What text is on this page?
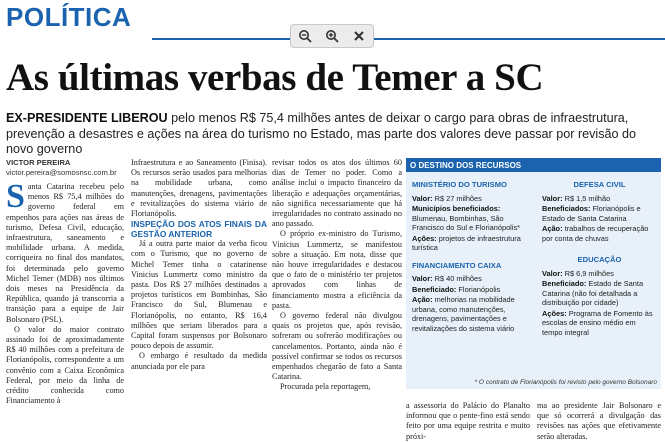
POLÍTICA
As últimas verbas de Temer a SC
EX-PRESIDENTE LIBEROU pelo menos R$ 75,4 milhões antes de deixar o cargo para obras de infraestrutura, prevenção a desastres e ações na área do turismo no Estado, mas parte dos valores deve passar por revisão do novo governo
VICTOR PEREIRA
victor.pereira@somosnsc.com.br

Santa Catarina recebeu pelo menos R$ 75,4 milhões do governo federal em empenhos para ações nas áreas de turismo, Defesa Civil, educação, infraestrutura, saneamento e mobilidade urbana. A medida, corriqueira no final dos mandatos, foi determinada pelo governo Michel Temer (MDB) nos últimos dois meses na Presidência da República, quando já transcorria a transição para a equipe de Jair Bolsonaro (PSL).

O valor do maior contrato assinado foi de aproximadamente R$ 40 milhões com a prefeitura de Florianópolis, correspondente a um convênio com a Caixa Econômica Federal, por meio da linha de crédito conhecida como Financiamento à

Infraestrutura e ao Saneamento (Finisa). Os recursos serão usados para melhorias na mobilidade urbana, como manutenções, drenagens, pavimentações e revitalizações do sistema viário de Florianópolis.

INSPEÇÃO DOS ATOS FINAIS DA GESTÃO ANTERIOR

Já a outra parte maior da verba ficou com o Turismo, que no governo de Michel Temer tinha o catarinense Vinicius Lummertz como ministro da pasta. Dos R$ 27 milhões destinados a projetos turísticos em Bombinhas, São Francisco do Sul, Blumenau e Florianópolis, no entanto, R$ 16,4 milhões que seriam liberados para a Capital foram suspensos por Bolsonaro pouco depois de assumir.

O embargo é resultado da medida anunciada por ele para

revisar todos os atos dos últimos 60 dias de Temer no poder. Como a análise inclui o impacto financeiro da liberação e adequações orçamentárias, não significa necessariamente que há irregularidades no contrato assinado no ano passado.

O próprio ex-ministro do Turismo, Vinicius Lummertz, se manifestou sobre a situação. Em nota, disse que não houve irregularidades e destacou que o fato de o ministério ter projetos aprovados com linhas de financiamento mostra a eficiência da pasta.

O governo federal não divulgou quais os projetos que, após revisão, sofreram ou sofrerão modificações ou cancelamentos. Portanto, ainda não é possível confirmar se todos os recursos empenhados chegarão de fato a Santa Catarina.

Procurada pela reportagem,

O DESTINO DOS RECURSOS
MINISTÉRIO DO TURISMO
Valor: R$ 27 milhões
Municípios beneficiados: Blumenau, Bombinhas, São Francisco do Sul e Florianópolis*
Ações: projetos de infraestrutura turística
FINANCIAMENTO CAIXA
Valor: R$ 40 milhões
Beneficiado: Florianópolis
Ação: melhorias na mobilidade urbana, como manutenções, drenagens, pavimentações e revitalizações do sistema viário
DEFESA CIVIL
Valor: R$ 1,5 milhão
Beneficiados: Florianópolis e Estado de Santa Catarina
Ação: trabalhos de recuperação por conta de chuvas
EDUCAÇÃO
Valor: R$ 6,9 milhões
Beneficiado: Estado de Santa Catarina (não foi detalhada a distribuição por cidade)
Ações: Programa de Fomento às escolas de ensino médio em tempo integral
* O contrato de Florianópolis foi revisto pelo governo Bolsonaro

a assessoria do Palácio do Planalto informou que o pente-fino está sendo feito por uma equipe restrita e muito próxi-

ma ao presidente Jair Bolsonaro e que só ocorrerá a divulgação das revisões nas ações que efetivamente serão alteradas.
